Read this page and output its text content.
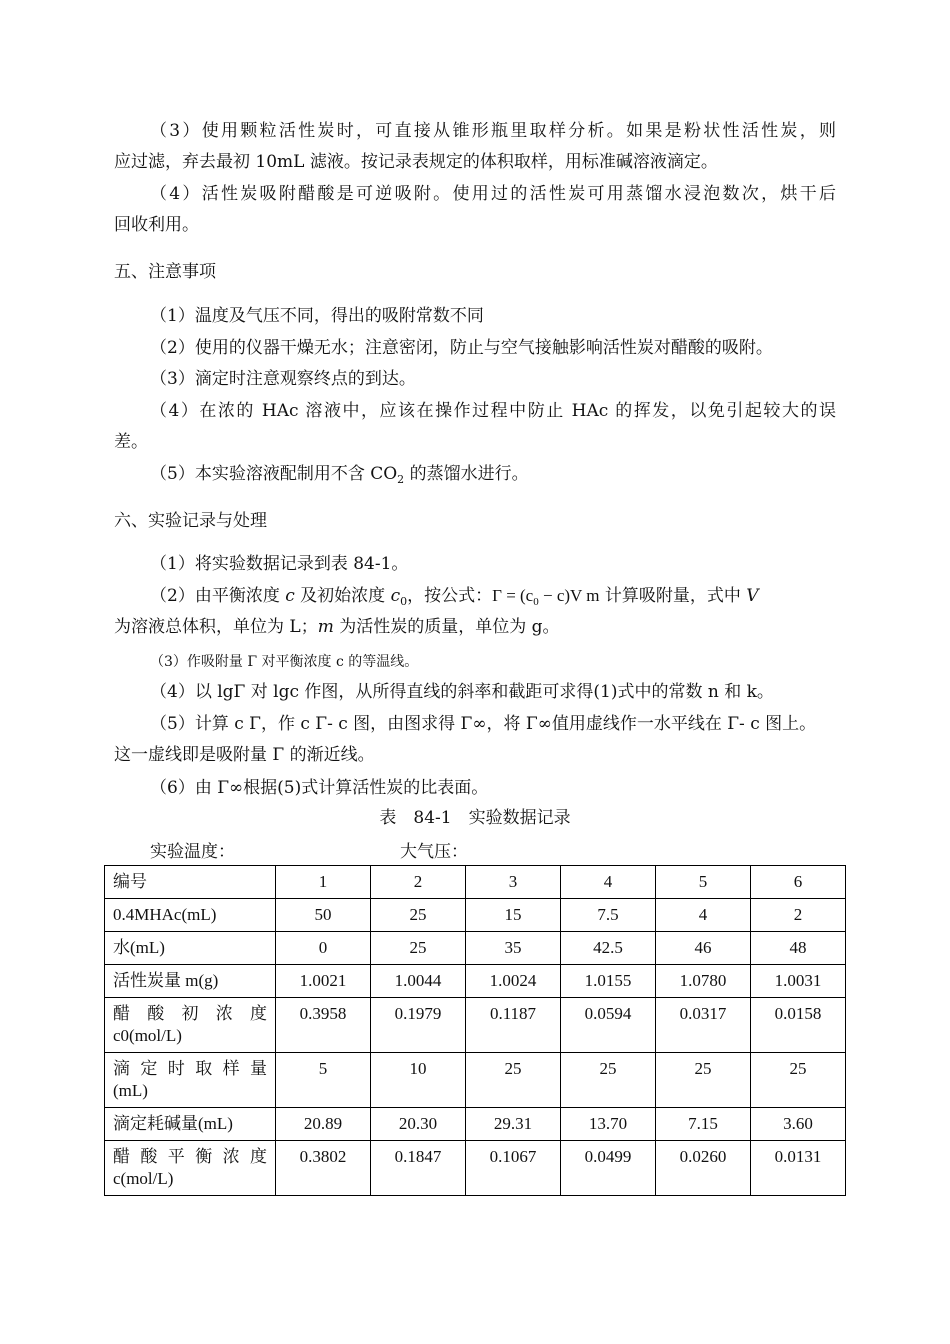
（3）使用颗粒活性炭时，可直接从锥形瓶里取样分析。如果是粉状性活性炭，则
应过滤，弃去最初 10mL 滤液。按记录表规定的体积取样，用标准碱溶液滴定。
（4）活性炭吸附醋酸是可逆吸附。使用过的活性炭可用蒸馏水浸泡数次，烘干后
回收利用。
五、注意事项
（1）温度及气压不同，得出的吸附常数不同
（2）使用的仪器干燥无水；注意密闭，防止与空气接触影响活性炭对醋酸的吸附。
（3）滴定时注意观察终点的到达。
（4）在浓的 HAc 溶液中，应该在操作过程中防止 HAc 的挥发，以免引起较大的误
差。
（5）本实验溶液配制用不含 $CO_2$ 的蒸馏水进行。
六、实验记录与处理
（1）将实验数据记录到表 84-1。
（2）由平衡浓度 c 及初始浓度 $c_0$，按公式：$\Gamma = (c_0 - c)V$ m 计算吸附量，式中 V
为溶液总体积，单位为 L；m 为活性炭的质量，单位为 g。
（3）作吸附量 Γ 对平衡浓度 c 的等温线。
（4）以 lgΓ 对 lgc 作图，从所得直线的斜率和截距可求得(1)式中的常数 n 和 k。
（5）计算 c Γ，作 c Γ- c 图，由图求得 Γ∞，将 Γ∞值用虚线作一水平线在 Γ- c 图上。
这一虚线即是吸附量 Γ 的渐近线。
（6）由 Γ∞根据(5)式计算活性炭的比表面。
表　84-1　实验数据记录
实验温度：	大气压：
编号	1	2	3	4	5	6
0.4MHAc(mL)	50	25	15	7.5	4	2
水(mL)	0	25	35	42.5	46	48
活性炭量 m(g)	1.0021	1.0044	1.0024	1.0155	1.0780	1.0031

醋 酸 初 浓 度
c0(mol/L)	0.3958	0.1979	0.1187	0.0594	0.0317	0.0158

滴 定 时 取 样 量
(mL)	5	10	25	25	25	25
滴定耗碱量(mL)	20.89	20.30	29.31	13.70	7.15	3.60

醋 酸 平 衡 浓 度
c(mol/L)	0.3802	0.1847	0.1067	0.0499	0.0260	0.0131
